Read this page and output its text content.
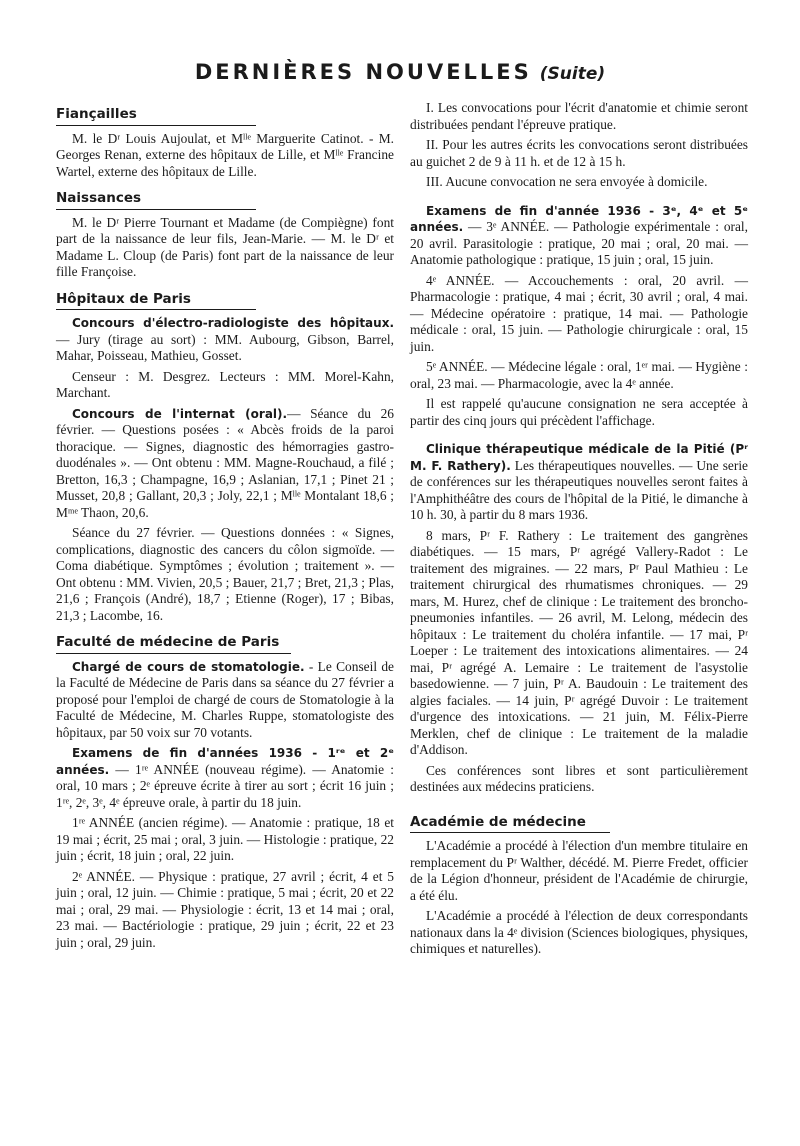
DERNIÈRES NOUVELLES (Suite)
Fiançailles

M. le Dʳ Louis Aujoulat, et Mˡˡᵉ Marguerite Catinot. - M. Georges Renan, externe des hôpitaux de Lille, et Mˡˡᵉ Francine Wartel, externe des hôpitaux de Lille.

Naissances

M. le Dʳ Pierre Tournant et Madame (de Compiègne) font part de la naissance de leur fils, Jean-Marie. — M. le Dʳ et Madame L. Cloup (de Paris) font part de la naissance de leur fille Françoise.

Hôpitaux de Paris

Concours d'électro-radiologiste des hôpitaux. — Jury (tirage au sort) : MM. Aubourg, Gibson, Barrel, Mahar, Poisseau, Mathieu, Gosset.

Censeur : M. Desgrez. Lecteurs : MM. Morel-Kahn, Marchant.

Concours de l'internat (oral).— Séance du 26 février. — Questions posées : « Abcès froids de la paroi thoracique. — Signes, diagnostic des hémorragies gastro-duodénales ». — Ont obtenu : MM. Magne-Rouchaud, a filé ; Bretton, 16,3 ; Champagne, 16,9 ; Aslanian, 17,1 ; Pinet 21 ; Musset, 20,8 ; Gallant, 20,3 ; Joly, 22,1 ; Mˡˡᵉ Montalant 18,6 ; Mᵐᵉ Thaon, 20,6.

Séance du 27 février. — Questions données : « Signes, complications, diagnostic des cancers du côlon sigmoïde. — Coma diabétique. Symptômes ; évolution ; traitement ». — Ont obtenu : MM. Vivien, 20,5 ; Bauer, 21,7 ; Bret, 21,3 ; Plas, 21,6 ; François (André), 18,7 ; Etienne (Roger), 17 ; Bibas, 21,3 ; Lacombe, 16.

Faculté de médecine de Paris

Chargé de cours de stomatologie. - Le Conseil de la Faculté de Médecine de Paris dans sa séance du 27 février a proposé pour l'emploi de chargé de cours de Stomatologie à la Faculté de Médecine, M. Charles Ruppe, stomatologiste des hôpitaux, par 50 voix sur 70 votants.

Examens de fin d'années 1936 - 1ʳᵉ et 2ᵉ années. — 1ʳᵉ ANNÉE (nouveau régime). — Anatomie : oral, 10 mars ; 2ᵉ épreuve écrite à tirer au sort ; écrit 16 juin ; 1ʳᵉ, 2ᵉ, 3ᵉ, 4ᵉ épreuve orale, à partir du 18 juin.

1ʳᵉ ANNÉE (ancien régime). — Anatomie : pratique, 18 et 19 mai ; écrit, 25 mai ; oral, 3 juin. — Histologie : pratique, 22 juin ; écrit, 18 juin ; oral, 22 juin.

2ᵉ ANNÉE. — Physique : pratique, 27 avril ; écrit, 4 et 5 juin ; oral, 12 juin. — Chimie : pratique, 5 mai ; écrit, 20 et 22 mai ; oral, 29 mai. — Physiologie : écrit, 13 et 14 mai ; oral, 23 mai. — Bactériologie : pratique, 29 juin ; écrit, 22 et 23 juin ; oral, 29 juin.

I. Les convocations pour l'écrit d'anatomie et chimie seront distribuées pendant l'épreuve pratique.

II. Pour les autres écrits les convocations seront distribuées au guichet 2 de 9 à 11 h. et de 12 à 15 h.

III. Aucune convocation ne sera envoyée à domicile.

Examens de fin d'année 1936 - 3ᵉ, 4ᵉ et 5ᵉ années. — 3ᵉ ANNÉE. — Pathologie expérimentale : oral, 20 avril. Parasitologie : pratique, 20 mai ; oral, 20 mai. — Anatomie pathologique : pratique, 15 juin ; oral, 15 juin.

4ᵉ ANNÉE. — Accouchements : oral, 20 avril. — Pharmacologie : pratique, 4 mai ; écrit, 30 avril ; oral, 4 mai. — Médecine opératoire : pratique, 14 mai. — Pathologie médicale : oral, 15 juin. — Pathologie chirurgicale : oral, 15 juin.

5ᵉ ANNÉE. — Médecine légale : oral, 1ᵉʳ mai. — Hygiène : oral, 23 mai. — Pharmacologie, avec la 4ᵉ année.

Il est rappelé qu'aucune consignation ne sera acceptée à partir des cinq jours qui précèdent l'affichage.

Clinique thérapeutique médicale de la Pitié (Pʳ M. F. Rathery). Les thérapeutiques nouvelles. — Une serie de conférences sur les thérapeutiques nouvelles seront faites à l'Amphithéâtre des cours de l'hôpital de la Pitié, le dimanche à 10 h. 30, à partir du 8 mars 1936.

8 mars, Pʳ F. Rathery : Le traitement des gangrènes diabétiques. — 15 mars, Pʳ agrégé Vallery-Radot : Le traitement des migraines. — 22 mars, Pʳ Paul Mathieu : Le traitement chirurgical des rhumatismes chroniques. — 29 mars, M. Hurez, chef de clinique : Le traitement des broncho-pneumonies infantiles. — 26 avril, M. Lelong, médecin des hôpitaux : Le traitement du choléra infantile. — 17 mai, Pʳ Loeper : Le traitement des intoxications alimentaires. — 24 mai, Pʳ agrégé A. Lemaire : Le traitement de l'asystolie basedowienne. — 7 juin, Pʳ A. Baudouin : Le traitement des algies faciales. — 14 juin, Pʳ agrégé Duvoir : Le traitement d'urgence des intoxications. — 21 juin, M. Félix-Pierre Merklen, chef de clinique : Le traitement de la maladie d'Addison.

Ces conférences sont libres et sont particulièrement destinées aux médecins praticiens.

Académie de médecine

L'Académie a procédé à l'élection d'un membre titulaire en remplacement du Pʳ Walther, décédé. M. Pierre Fredet, officier de la Légion d'honneur, président de l'Académie de chirurgie, a été élu.

L'Académie a procédé à l'élection de deux correspondants nationaux dans la 4ᵉ division (Sciences biologiques, physiques, chimiques et naturelles).
